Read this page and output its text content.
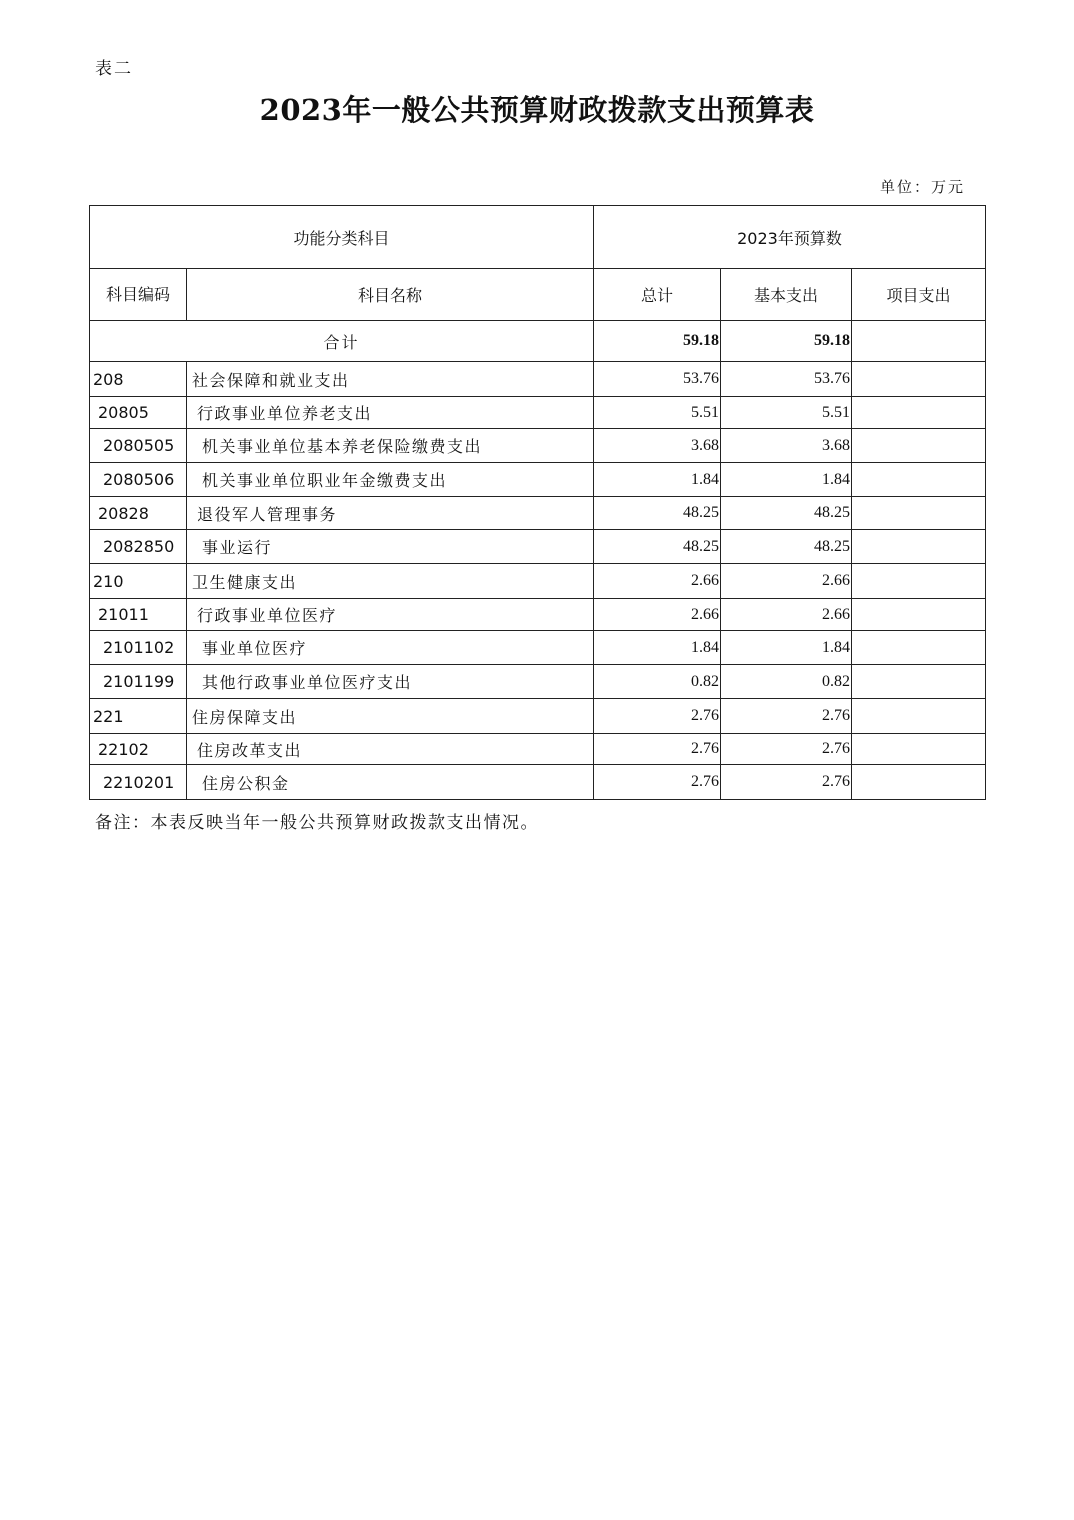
表二
2023年一般公共预算财政拨款支出预算表
单位：万元
功能分类科目		2023年预算数		
科目编码	科目名称	总计	基本支出	项目支出
合计		59.18	59.18	
208	社会保障和就业支出	53.76	53.76	
20805	行政事业单位养老支出	5.51	5.51	
2080505	机关事业单位基本养老保险缴费支出	3.68	3.68	
2080506	机关事业单位职业年金缴费支出	1.84	1.84	
20828	退役军人管理事务	48.25	48.25	
2082850	事业运行	48.25	48.25	
210	卫生健康支出	2.66	2.66	
21011	行政事业单位医疗	2.66	2.66	
2101102	事业单位医疗	1.84	1.84	
2101199	其他行政事业单位医疗支出	0.82	0.82	
221	住房保障支出	2.76	2.76	
22102	住房改革支出	2.76	2.76	
2210201	住房公积金	2.76	2.76	
备注：本表反映当年一般公共预算财政拨款支出情况。
